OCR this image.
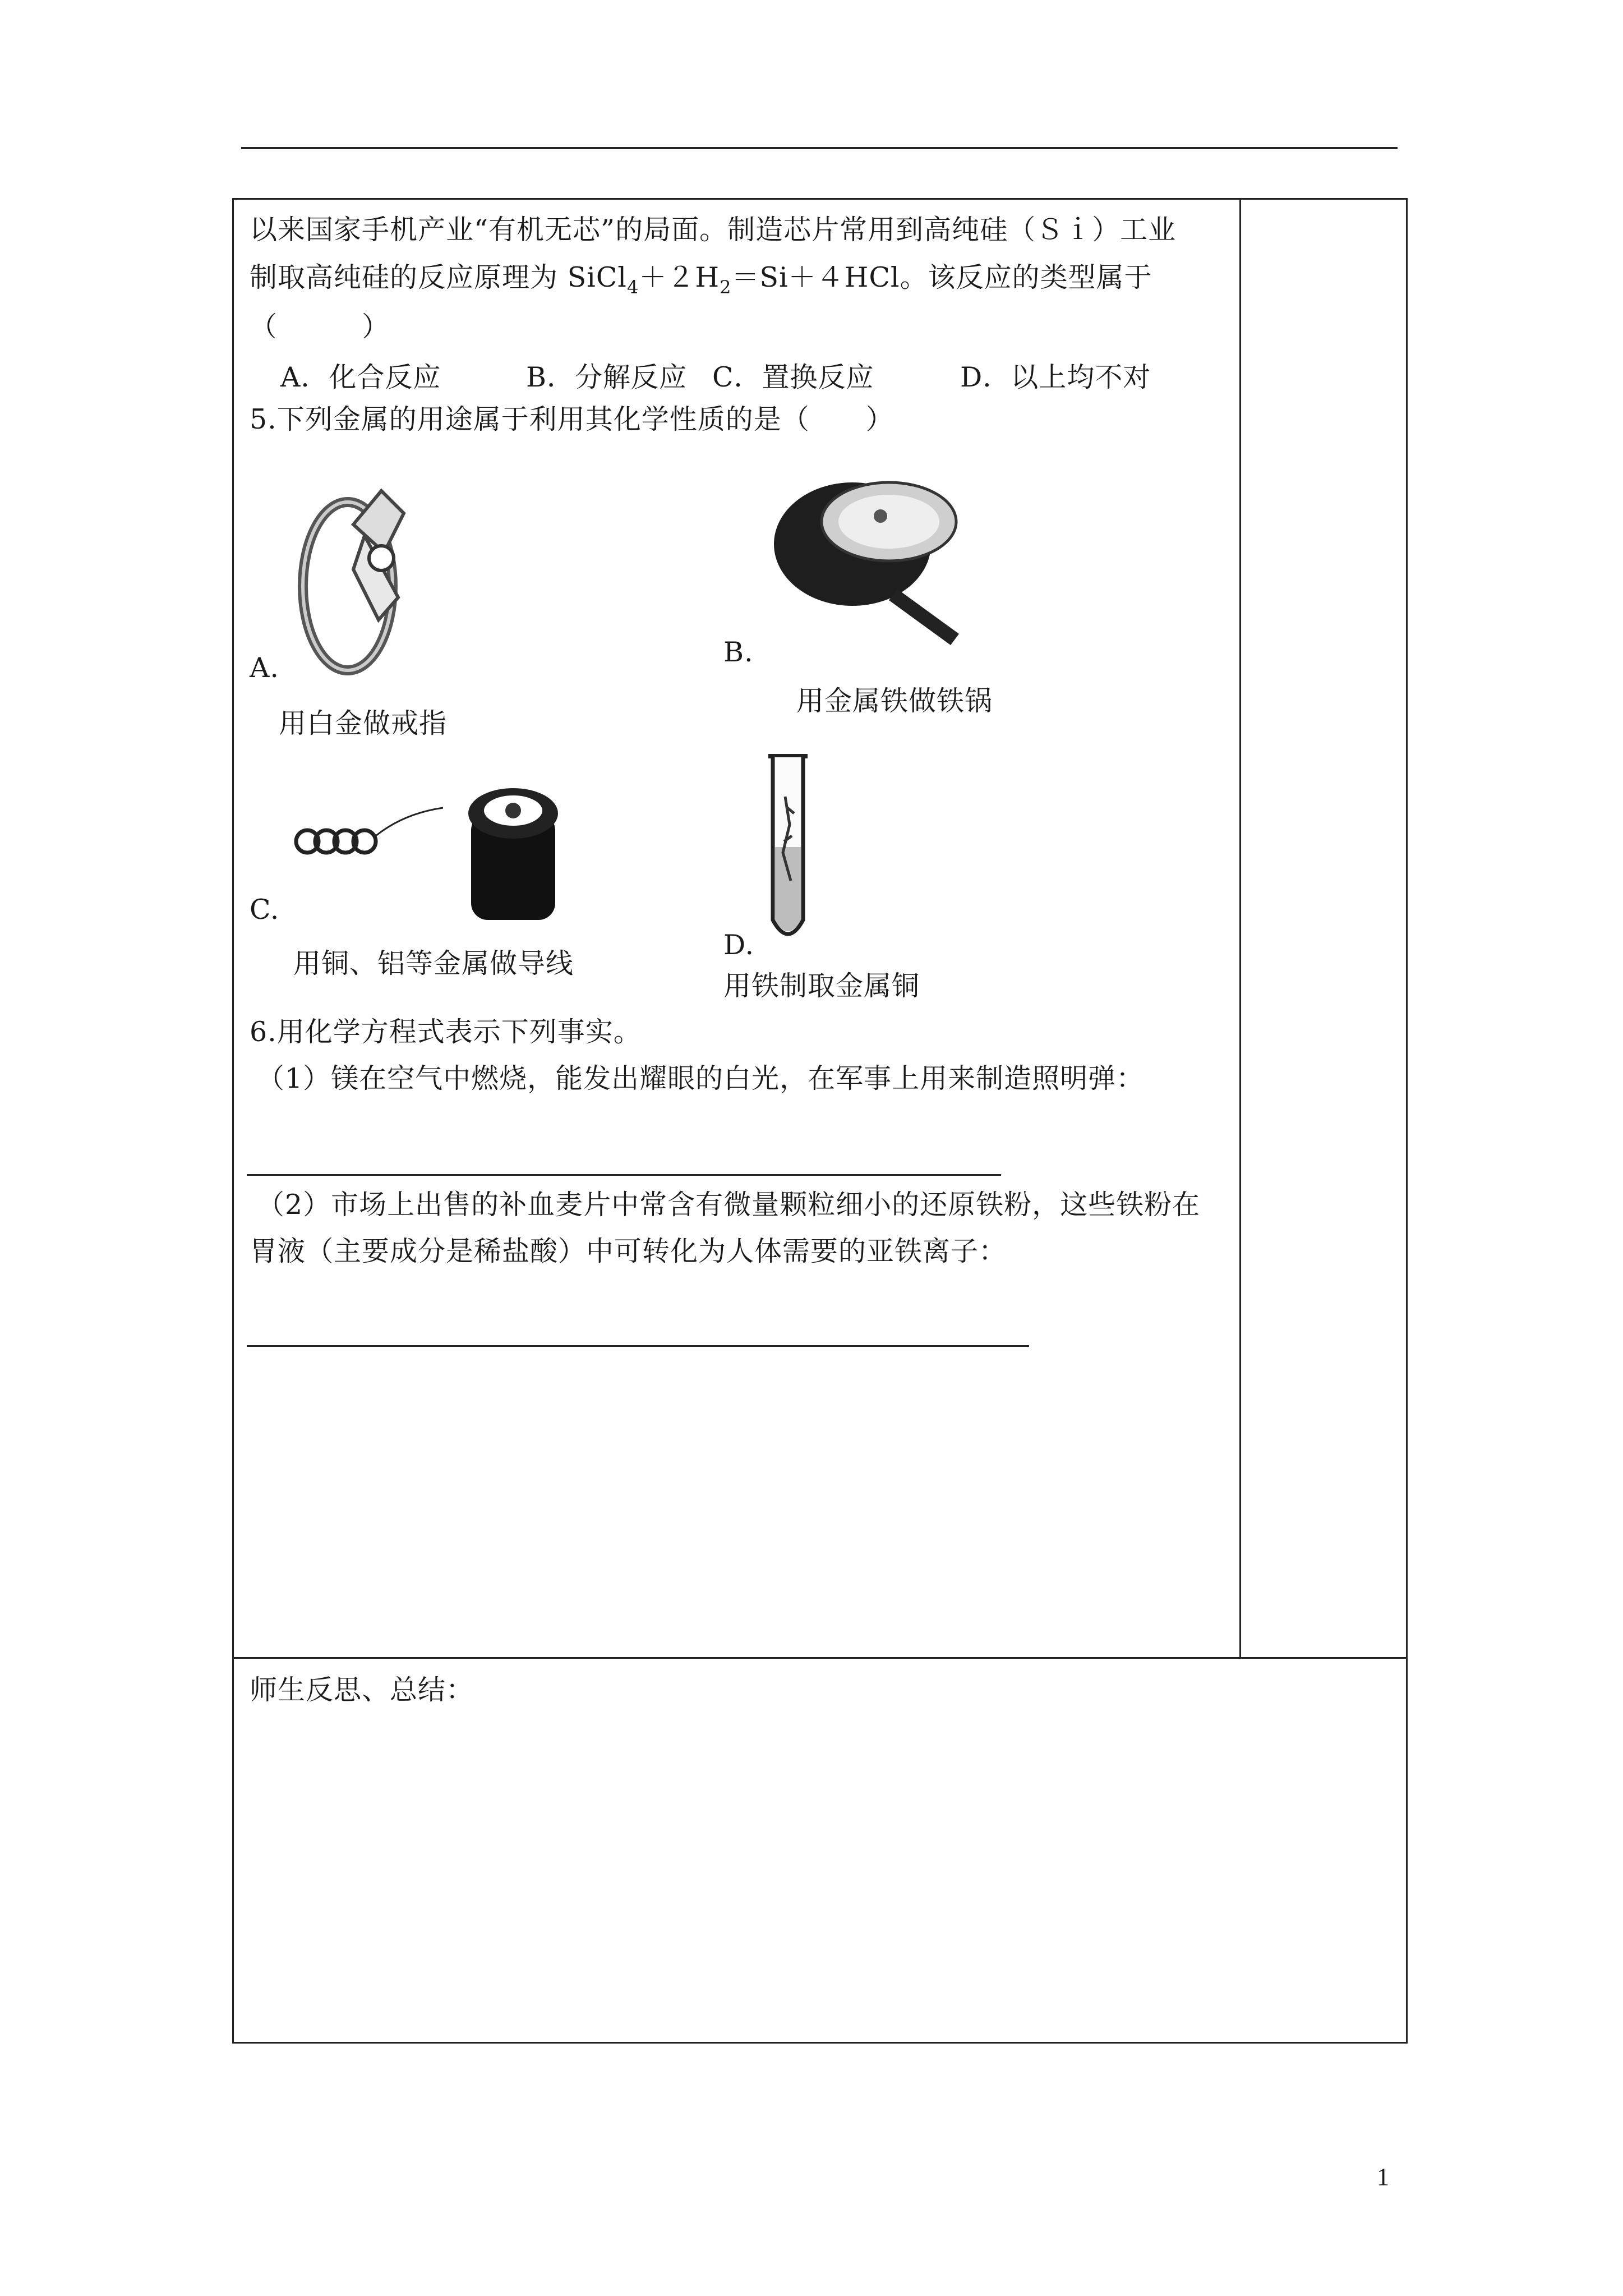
以来国家手机产业“有机无芯”的局面。制造芯片常用到高纯硅（Ｓｉ）工业
制取高纯硅的反应原理为 $SiCl_4+2H_2=Si+4HCl$。该反应的类型属于
（　　　）
A．化合反应	B．分解反应 C．置换反应	D．以上均不对
5.下列金属的用途属于利用其化学性质的是（　　）
A.
用白金做戒指
B.
用金属铁做铁锅
C.
用铜、铝等金属做导线
D.
用铁制取金属铜
6.用化学方程式表示下列事实。
（1）镁在空气中燃烧，能发出耀眼的白光，在军事上用来制造照明弹：
（2）市场上出售的补血麦片中常含有微量颗粒细小的还原铁粉，这些铁粉在
胃液（主要成分是稀盐酸）中可转化为人体需要的亚铁离子：
师生反思、总结：
1
